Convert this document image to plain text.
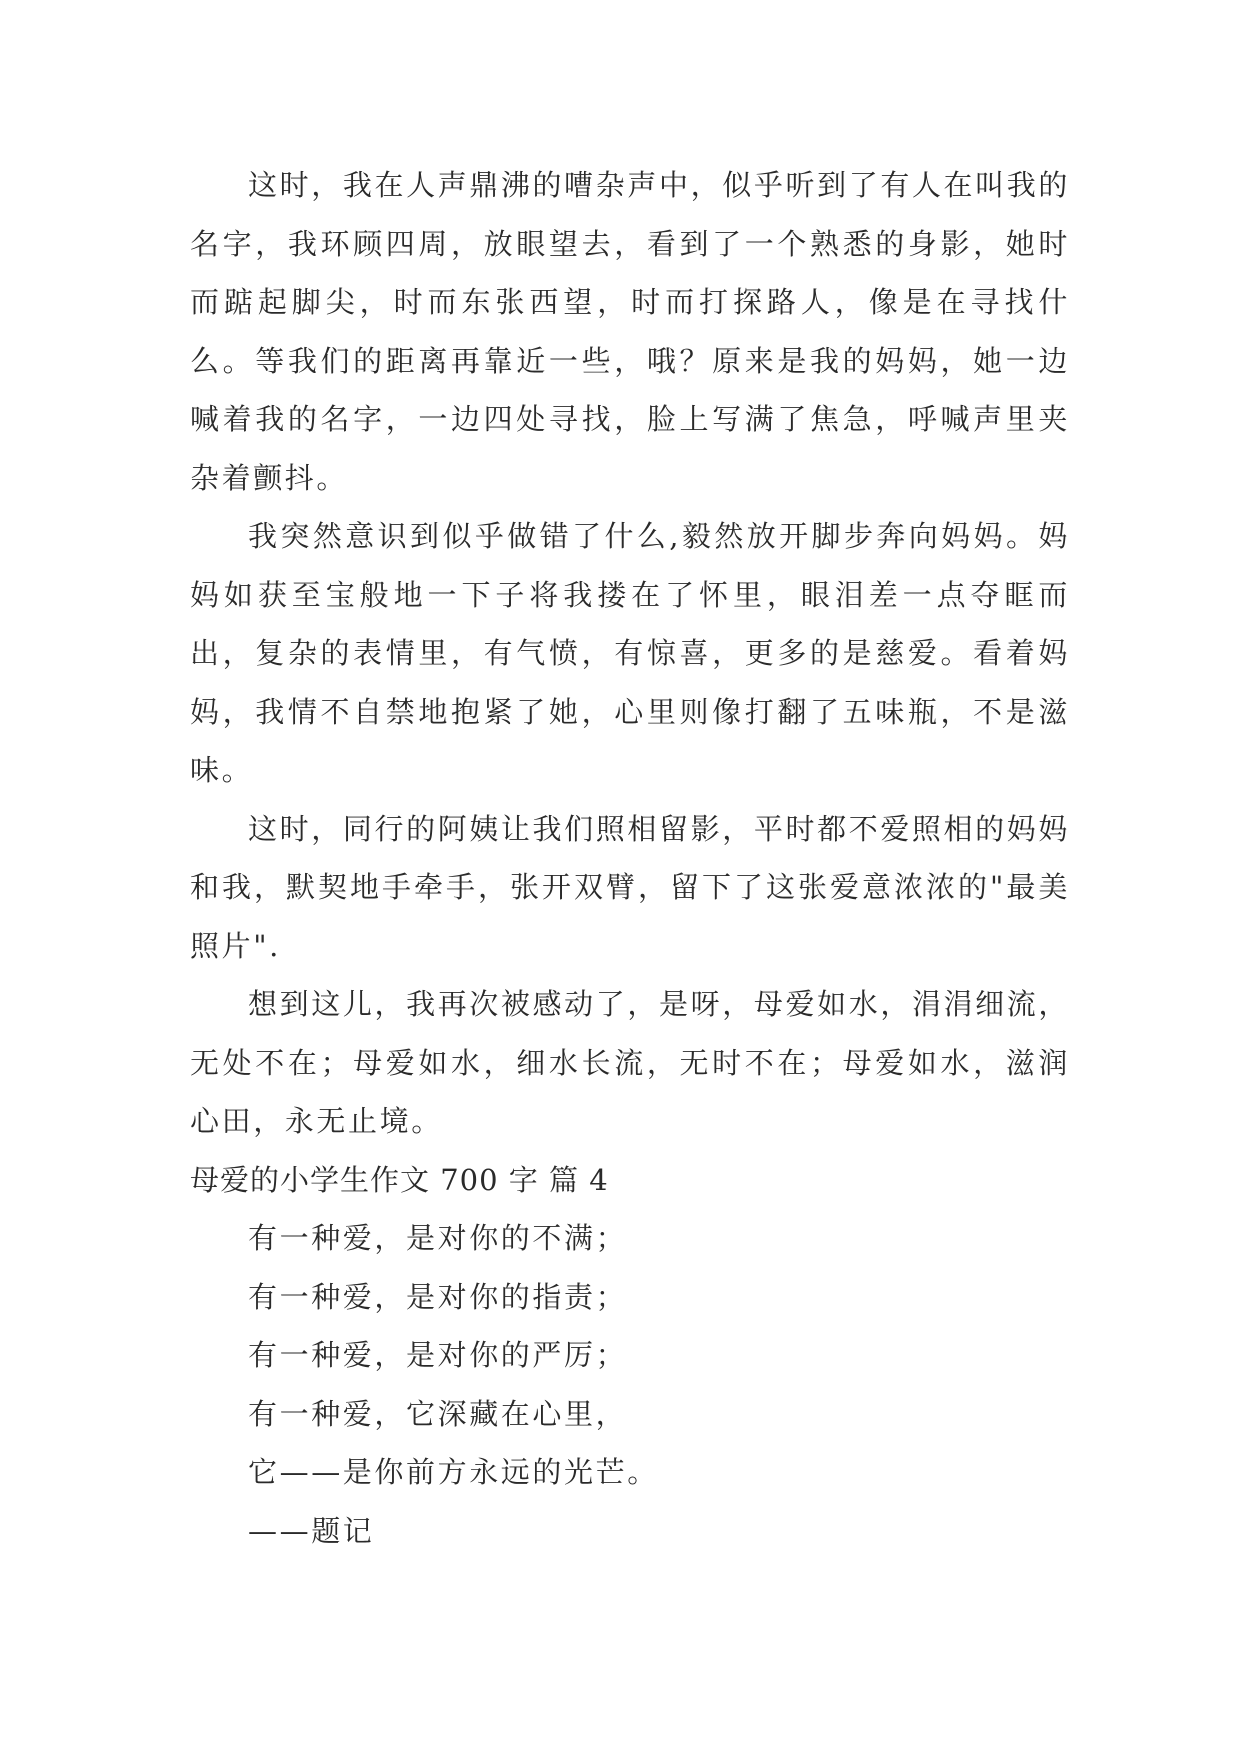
这时，我在人声鼎沸的嘈杂声中，似乎听到了有人在叫我的名字，我环顾四周，放眼望去，看到了一个熟悉的身影，她时而踮起脚尖，时而东张西望，时而打探路人，像是在寻找什么。等我们的距离再靠近一些，哦？原来是我的妈妈，她一边喊着我的名字，一边四处寻找，脸上写满了焦急，呼喊声里夹杂着颤抖。

我突然意识到似乎做错了什么,毅然放开脚步奔向妈妈。妈妈如获至宝般地一下子将我搂在了怀里，眼泪差一点夺眶而出，复杂的表情里，有气愤，有惊喜，更多的是慈爱。看着妈妈，我情不自禁地抱紧了她，心里则像打翻了五味瓶，不是滋味。

这时，同行的阿姨让我们照相留影，平时都不爱照相的妈妈和我，默契地手牵手，张开双臂，留下了这张爱意浓浓的"最美照片".

想到这儿，我再次被感动了，是呀，母爱如水，涓涓细流，无处不在；母爱如水，细水长流，无时不在；母爱如水，滋润心田，永无止境。

母爱的小学生作文 700 字 篇 4

有一种爱，是对你的不满；

有一种爱，是对你的指责；

有一种爱，是对你的严厉；

有一种爱，它深藏在心里，

它——是你前方永远的光芒。

——题记
